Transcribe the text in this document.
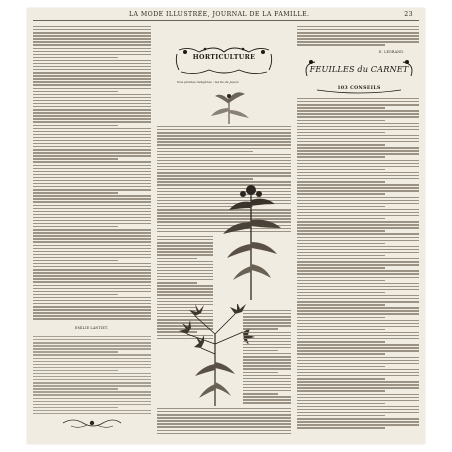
LA MODE ILLUSTRÉE, JOURNAL DE LA FAMILLE.	23
EMILIE LANTIET.
HORTICULTURE
Nos plantes indigènes : les lis de Japon
E. LEGRAND.
FEUILLES du CARNET
103 CONSEILS
